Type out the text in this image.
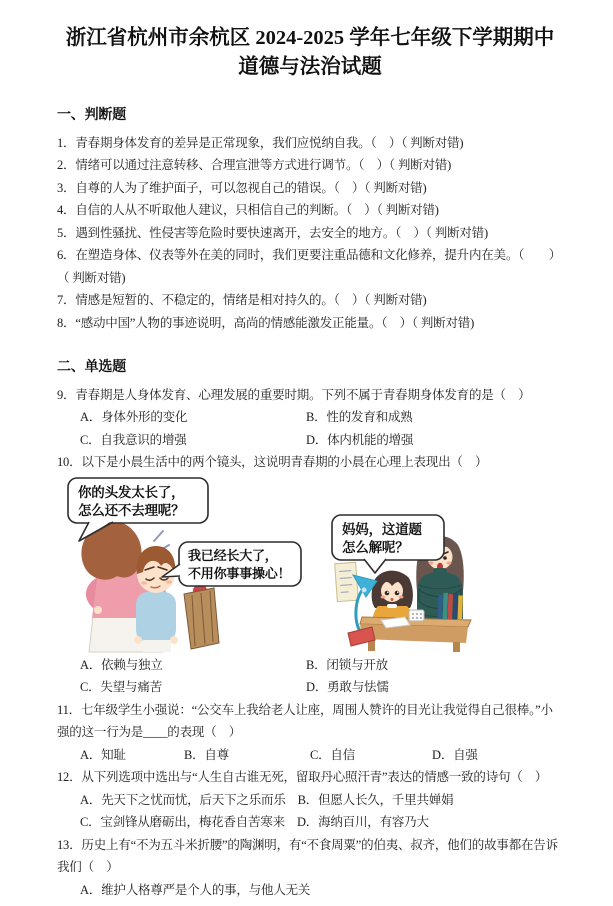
浙江省杭州市余杭区 2024-2025 学年七年级下学期期中道德与法治试题
一、判断题

1．青春期身体发育的差异是正常现象，我们应悦纳自我。（　）（ 判断对错)

2．情绪可以通过注意转移、合理宣泄等方式进行调节。（　）（ 判断对错)

3．自尊的人为了维护面子，可以忽视自己的错误。（　）（ 判断对错)

4．自信的人从不听取他人建议，只相信自己的判断。（　）（ 判断对错)

5．遇到性骚扰、性侵害等危险时要快速离开，去安全的地方。（　）（ 判断对错)

6．在塑造身体、仪表等外在美的同时，我们更要注重品德和文化修养，提升内在美。（　　）　（ 判断对错)

7．情感是短暂的、不稳定的，情绪是相对持久的。（　）（ 判断对错)

8．“感动中国”人物的事迹说明，高尚的情感能激发正能量。（　）（ 判断对错)

二、单选题

9．青春期是人身体发育、心理发展的重要时期。下列不属于青春期身体发育的是（　）

A．身体外形的变化	B．性的发育和成熟
C．自我意识的增强	D．体内机能的增强

10．以下是小晨生活中的两个镜头，这说明青春期的小晨在心理上表现出（　）

你的头发太长了，
怎么还不去理呢？
我已经长大了，
不用你事事操心！
妈妈，这道题
怎么解呢？
A．依赖与独立	B．闭锁与开放
C．失望与痛苦	D．勇敢与怯懦

11．七年级学生小强说：“公交车上我给老人让座，周围人赞许的目光让我觉得自己很棒。”小强的这一行为是____的表现（　）

A．知耻	B．自尊	C．自信	D．自强

12．从下列选项中选出与“人生自古谁无死，留取丹心照汗青”表达的情感一致的诗句（　）

A．先天下之忧而忧，后天下之乐而乐 B．但愿人长久，千里共婵娟
C．宝剑锋从磨砺出，梅花香自苦寒来 D．海纳百川，有容乃大

13．历史上有“不为五斗米折腰”的陶渊明，有“不食周粟”的伯夷、叔齐，他们的故事都在告诉我们（　）

A．维护人格尊严是个人的事，与他人无关
